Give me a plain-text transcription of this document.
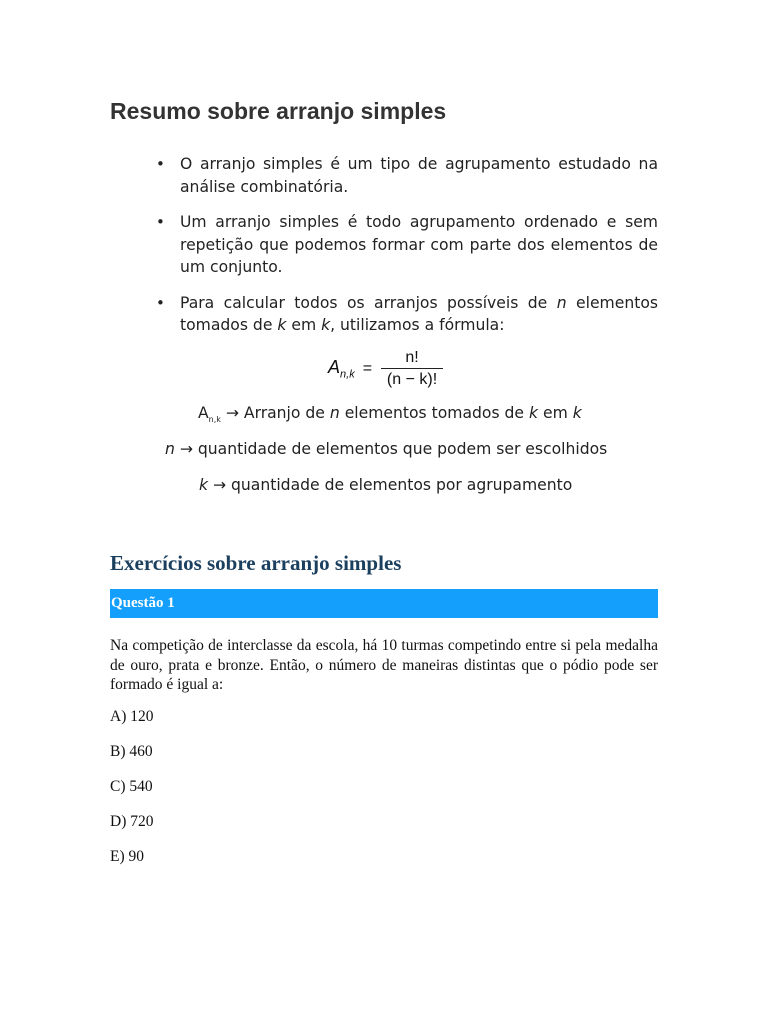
Resumo sobre arranjo simples
• O arranjo simples é um tipo de agrupamento estudado na análise combinatória.
• Um arranjo simples é todo agrupamento ordenado e sem repetição que podemos formar com parte dos elementos de um conjunto.
• Para calcular todos os arranjos possíveis de n elementos tomados de k em k, utilizamos a fórmula:
$A_{n,k} = \frac{n!}{(n - k)!}$
$A_{n,k}$ → Arranjo de n elementos tomados de k em k
n → quantidade de elementos que podem ser escolhidos
k → quantidade de elementos por agrupamento
Exercícios sobre arranjo simples
Questão 1

Na competição de interclasse da escola, há 10 turmas competindo entre si pela medalha de ouro, prata e bronze. Então, o número de maneiras distintas que o pódio pode ser formado é igual a:

A) 120

B) 460

C) 540

D) 720

E) 90
